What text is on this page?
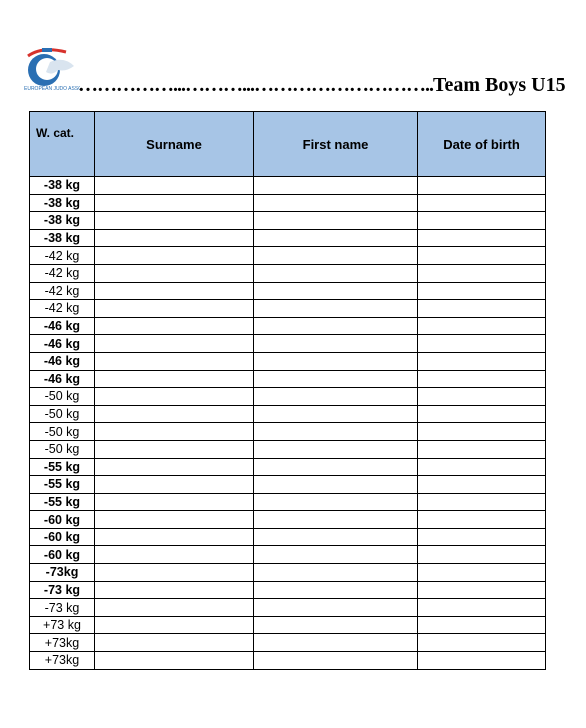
EUROPEAN JUDO ASS ……………...………...………………………..Team Boys U15
W. cat.	Surname	First name	Date of birth
-38 kg			
-38 kg			
-38 kg			
-38 kg			
-42 kg			
-42 kg			
-42 kg			
-42 kg			
-46 kg			
-46 kg			
-46 kg			
-46 kg			
-50 kg			
-50 kg			
-50 kg			
-50 kg			
-55 kg			
-55 kg			
-55 kg			
-60 kg			
-60 kg			
-60 kg			
-73kg			
-73 kg			
-73 kg			
+73 kg			
+73kg			
+73kg			
